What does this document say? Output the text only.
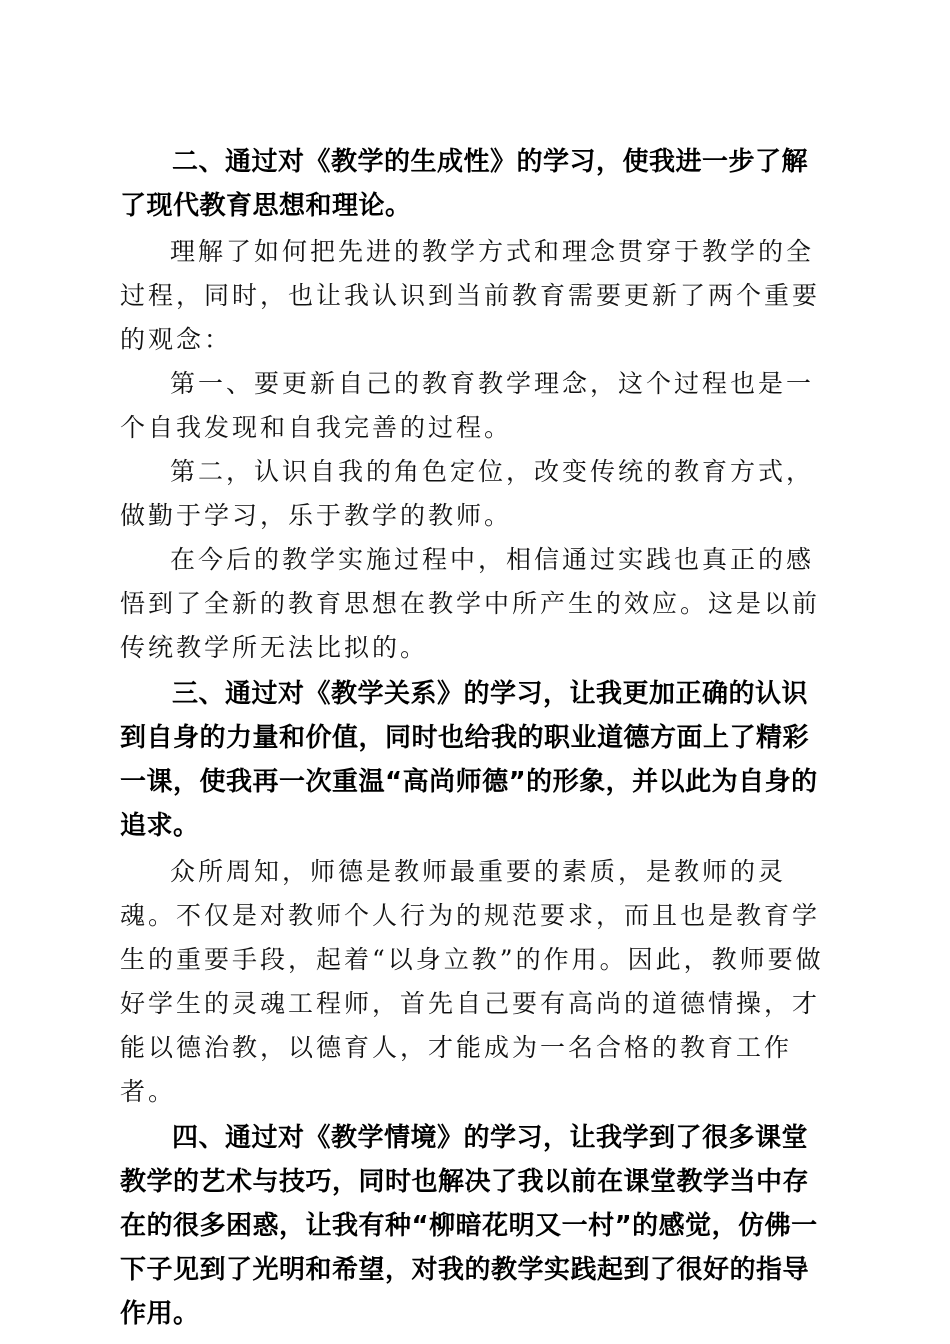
二、通过对《教学的生成性》的学习，使我进一步了解了现代教育思想和理论。

理解了如何把先进的教学方式和理念贯穿于教学的全过程，同时，也让我认识到当前教育需要更新了两个重要的观念：

第一、要更新自己的教育教学理念，这个过程也是一个自我发现和自我完善的过程。

第二，认识自我的角色定位，改变传统的教育方式，做勤于学习，乐于教学的教师。

在今后的教学实施过程中，相信通过实践也真正的感悟到了全新的教育思想在教学中所产生的效应。这是以前传统教学所无法比拟的。

三、通过对《教学关系》的学习，让我更加正确的认识到自身的力量和价值，同时也给我的职业道德方面上了精彩一课，使我再一次重温“高尚师德”的形象，并以此为自身的追求。

众所周知，师德是教师最重要的素质，是教师的灵魂。不仅是对教师个人行为的规范要求，而且也是教育学生的重要手段，起着“以身立教”的作用。因此，教师要做好学生的灵魂工程师，首先自己要有高尚的道德情操，才能以德治教，以德育人，才能成为一名合格的教育工作者。

四、通过对《教学情境》的学习，让我学到了很多课堂教学的艺术与技巧，同时也解决了我以前在课堂教学当中存在的很多困惑，让我有种“柳暗花明又一村”的感觉，仿佛一下子见到了光明和希望，对我的教学实践起到了很好的指导作用。
